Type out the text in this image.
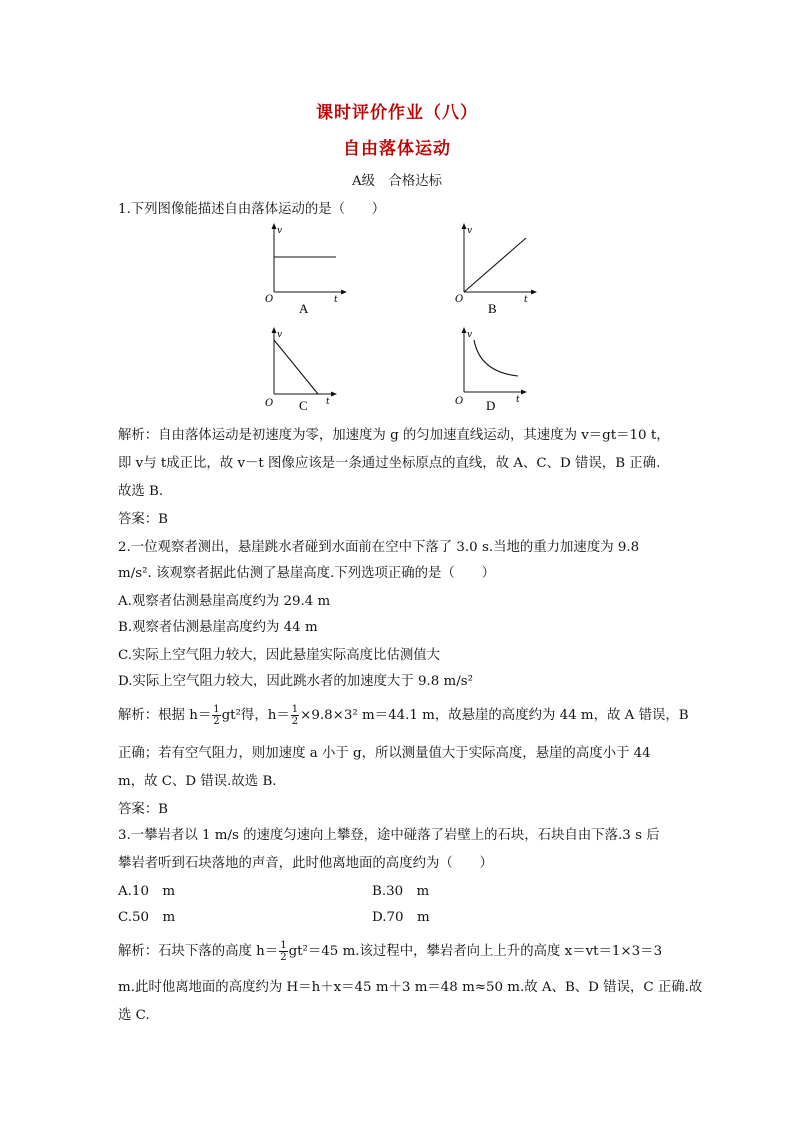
课时评价作业（八）
自由落体运动
A级　合格达标
1.下列图像能描述自由落体运动的是（　　）
v
t
O
A
v
t
O
B
v
t
O C
v
t
O D
解析：自由落体运动是初速度为零，加速度为 g 的匀加速直线运动，其速度为 v＝gt＝10 t，
即 v与 t成正比，故 v－t 图像应该是一条通过坐标原点的直线，故 A、C、D 错误，B 正确.
故选 B.
答案：B
2.一位观察者测出，悬崖跳水者碰到水面前在空中下落了 3.0 s.当地的重力加速度为 9.8
m/s². 该观察者据此估测了悬崖高度.下列选项正确的是（　　）
A.观察者估测悬崖高度约为 29.4 m
B.观察者估测悬崖高度约为 44 m
C.实际上空气阻力较大，因此悬崖实际高度比估测值大
D.实际上空气阻力较大，因此跳水者的加速度大于 9.8 m/s²
解析：根据 $h= \frac{1}{2} gt^2$得，$h= \frac{1}{2} \times 9.8\times 3^2$ m＝44.1 m，故悬崖的高度约为 44 m，故 A 错误，B
正确；若有空气阻力，则加速度 a 小于 g，所以测量值大于实际高度，悬崖的高度小于 44
m，故 C、D 错误.故选 B.
答案：B
3.一攀岩者以 1 m/s 的速度匀速向上攀登，途中碰落了岩壁上的石块，石块自由下落.3 s 后
攀岩者听到石块落地的声音，此时他离地面的高度约为（　　）
A.10　m	B.30　m
C.50　m	D.70　m
解析：石块下落的高度 $h= \frac{1}{2} gt^2=45$ m.该过程中，攀岩者向上上升的高度 x＝vt＝1×3＝3
m.此时他离地面的高度约为 H＝h＋x＝45 m＋3 m＝48 m≈50 m.故 A、B、D 错误，C 正确.故
选 C.
